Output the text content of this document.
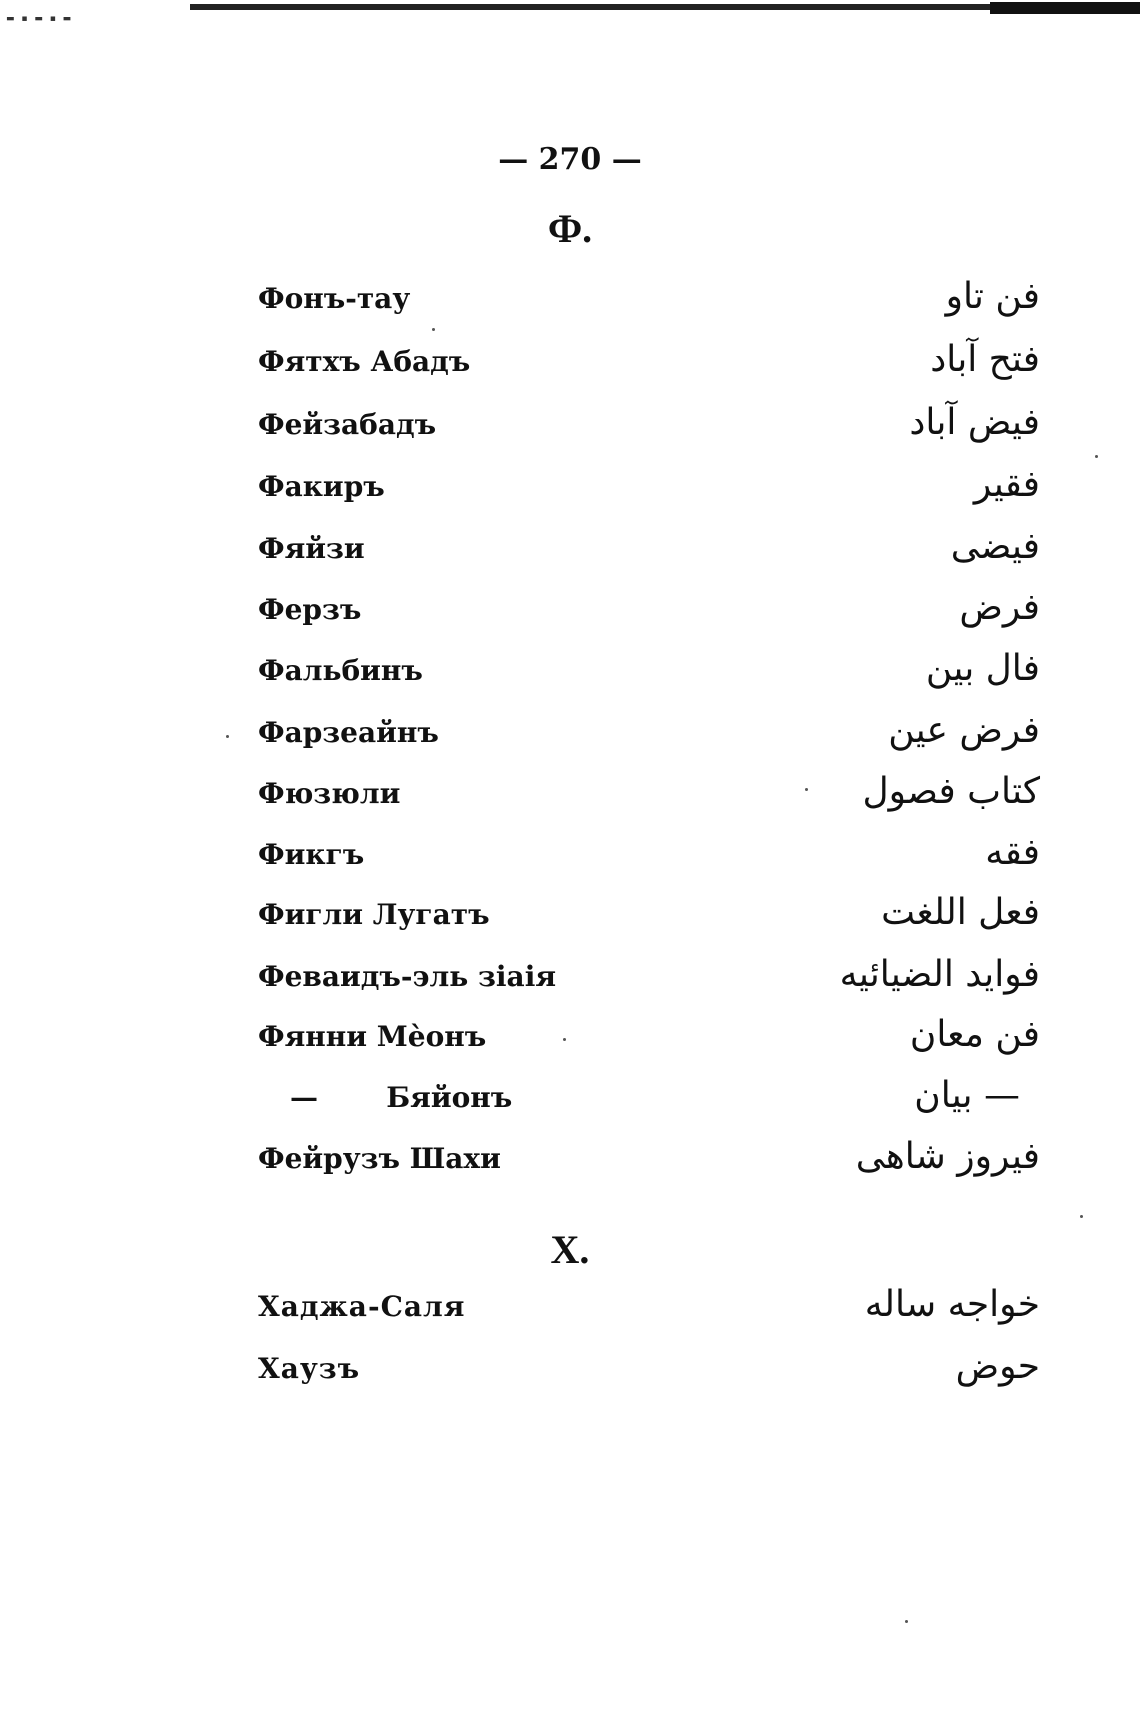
▬ ▪ ▬ ▪ ▬
— 270 —
Ф.
Фонъ-тау	فن تاو
Фятхъ Абадъ	فتح آباد
Фейзабадъ	فیض آباد
Факиръ	فقیر
Фяйзи	فیضی
Ферзъ	فرض
Фальбинъ	فال بین
Фарзеайнъ	فرض عین
Фюзюли	کتاب فصول
Фикгъ	فقه
Фигли Лугатъ	فعل اللغت
Феваидъ-эль зіаія	فواید الضیائیه
Фянни Мѐонъ	فن معان
—       Бяйонъ	— بیان
Фейрузъ Шахи	فیروز شاهی
Х.
Хаджа-Саля	خواجه ساله
Хаузъ	حوض
